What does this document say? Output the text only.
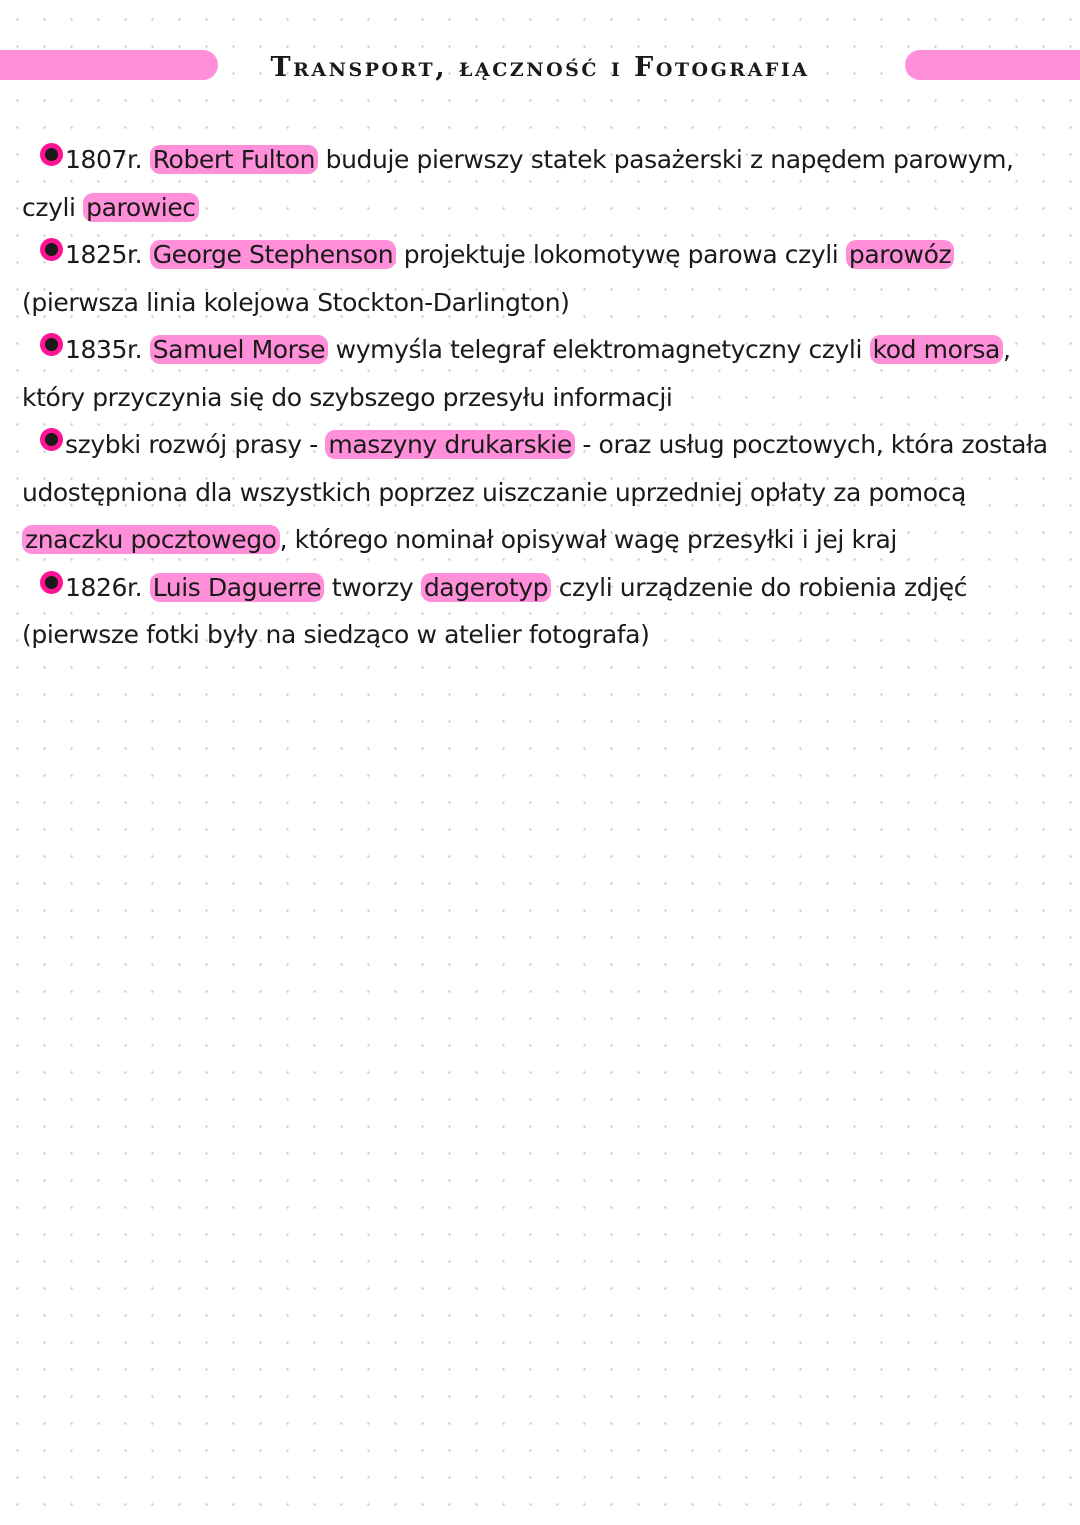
Transport, łączność i Fotografia
1807r. Robert Fulton buduje pierwszy statek pasażerski z napędem parowym, czyli parowiec
1825r. George Stephenson projektuje lokomotywę parowa czyli parowóz (pierwsza linia kolejowa Stockton-Darlington)
1835r. Samuel Morse wymyśla telegraf elektromagnetyczny czyli kod morsa , który przyczynia się do szybszego przesyłu informacji
szybki rozwój prasy - maszyny drukarskie - oraz usług pocztowych, która została udostępniona dla wszystkich poprzez uiszczanie uprzedniej opłaty za pomocą znaczku pocztowego , którego nominał opisywał wagę przesyłki i jej kraj
1826r. Luis Daguerre tworzy dagerotyp czyli urządzenie do robienia zdjęć (pierwsze fotki były na siedząco w atelier fotografa)
